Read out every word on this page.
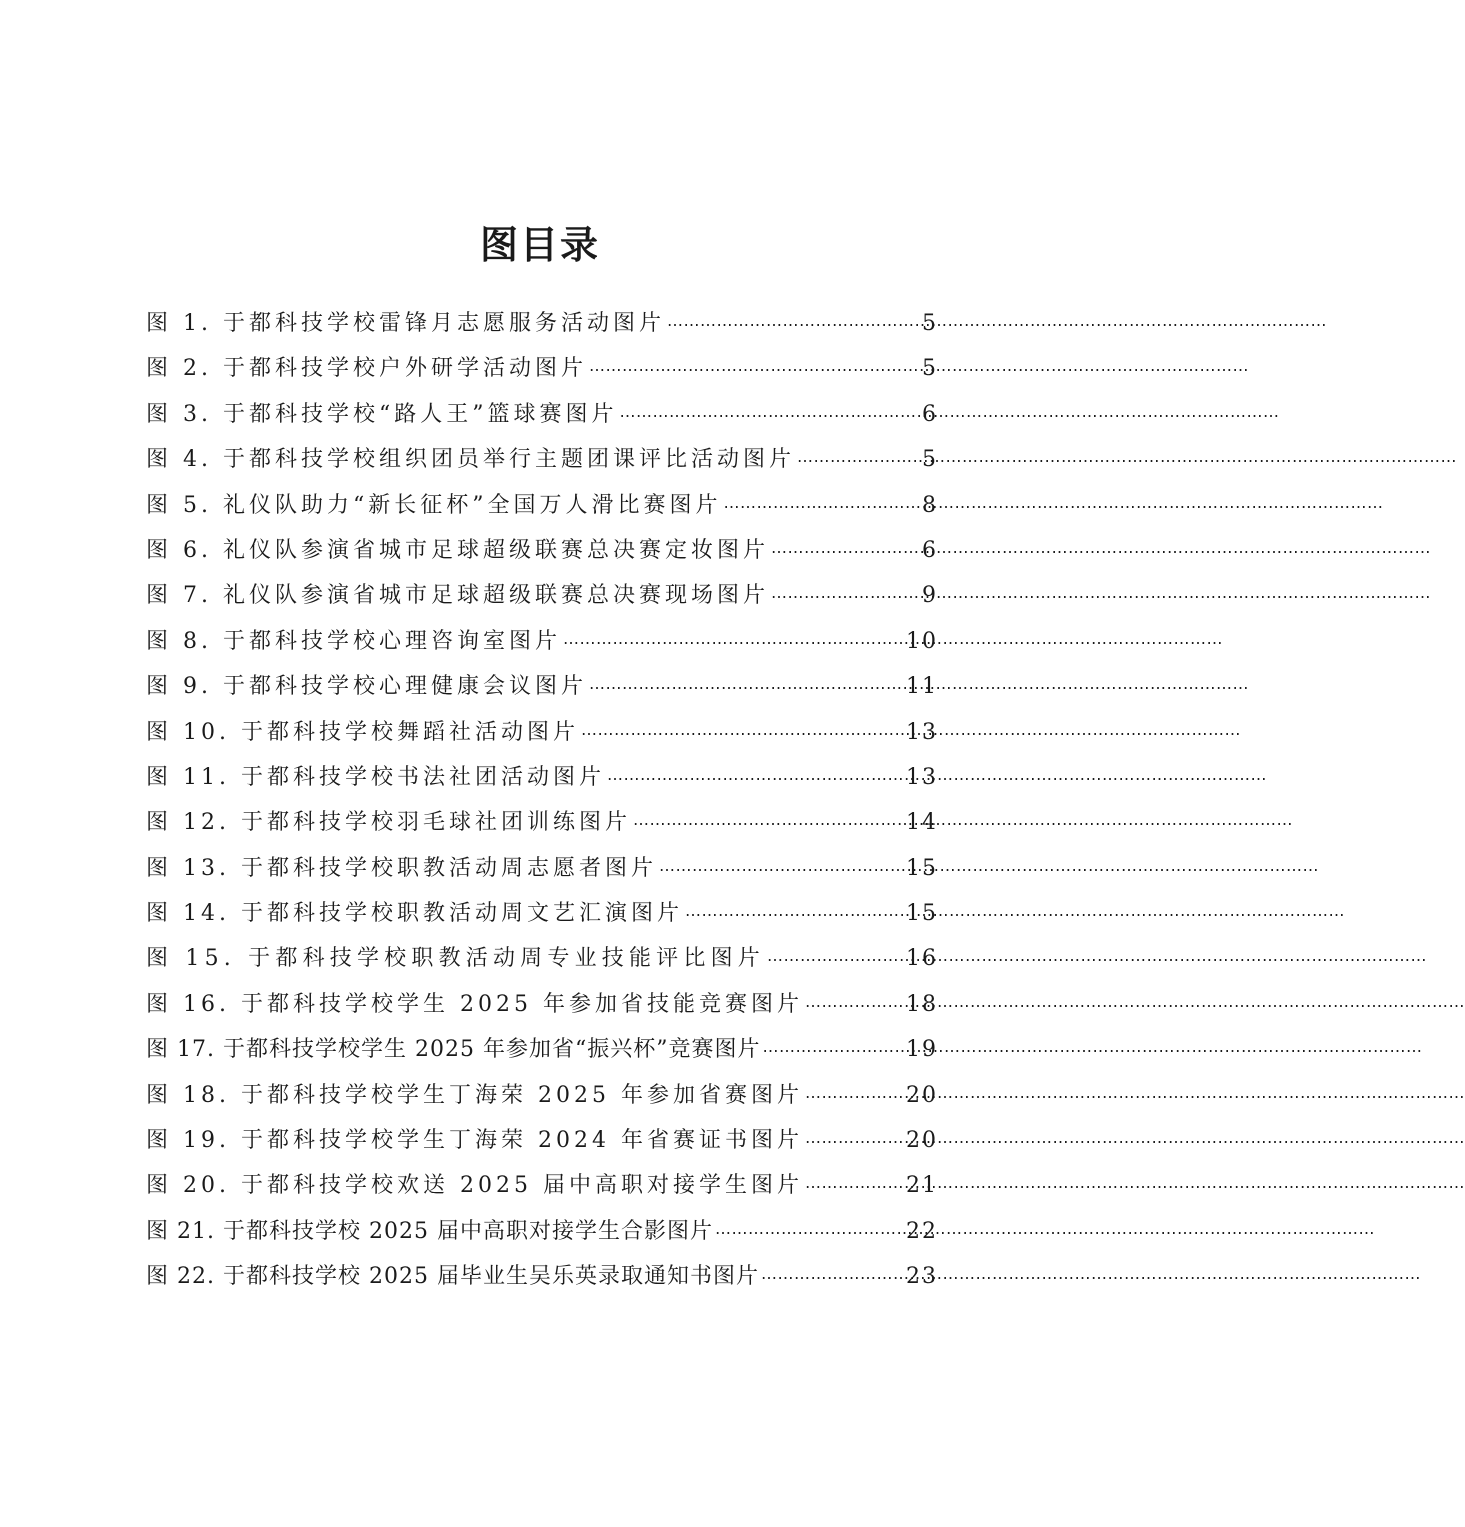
图目录
图 1. 于都科技学校雷锋月志愿服务活动图片 ⋯⋯⋯⋯⋯⋯⋯⋯⋯⋯⋯⋯⋯⋯⋯⋯⋯⋯⋯⋯⋯⋯⋯⋯⋯⋯⋯⋯⋯⋯⋯⋯⋯⋯⋯⋯⋯⋯⋯⋯	5
图 2. 于都科技学校户外研学活动图片 ⋯⋯⋯⋯⋯⋯⋯⋯⋯⋯⋯⋯⋯⋯⋯⋯⋯⋯⋯⋯⋯⋯⋯⋯⋯⋯⋯⋯⋯⋯⋯⋯⋯⋯⋯⋯⋯⋯⋯⋯	5
图 3. 于都科技学校“路人王”篮球赛图片 ⋯⋯⋯⋯⋯⋯⋯⋯⋯⋯⋯⋯⋯⋯⋯⋯⋯⋯⋯⋯⋯⋯⋯⋯⋯⋯⋯⋯⋯⋯⋯⋯⋯⋯⋯⋯⋯⋯⋯⋯	6
图 4. 于都科技学校组织团员举行主题团课评比活动图片 ⋯⋯⋯⋯⋯⋯⋯⋯⋯⋯⋯⋯⋯⋯⋯⋯⋯⋯⋯⋯⋯⋯⋯⋯⋯⋯⋯⋯⋯⋯⋯⋯⋯⋯⋯⋯⋯⋯⋯⋯	5
图 5. 礼仪队助力“新长征杯”全国万人滑比赛图片 ⋯⋯⋯⋯⋯⋯⋯⋯⋯⋯⋯⋯⋯⋯⋯⋯⋯⋯⋯⋯⋯⋯⋯⋯⋯⋯⋯⋯⋯⋯⋯⋯⋯⋯⋯⋯⋯⋯⋯⋯	8
图 6. 礼仪队参演省城市足球超级联赛总决赛定妆图片 ⋯⋯⋯⋯⋯⋯⋯⋯⋯⋯⋯⋯⋯⋯⋯⋯⋯⋯⋯⋯⋯⋯⋯⋯⋯⋯⋯⋯⋯⋯⋯⋯⋯⋯⋯⋯⋯⋯⋯⋯	6
图 7. 礼仪队参演省城市足球超级联赛总决赛现场图片 ⋯⋯⋯⋯⋯⋯⋯⋯⋯⋯⋯⋯⋯⋯⋯⋯⋯⋯⋯⋯⋯⋯⋯⋯⋯⋯⋯⋯⋯⋯⋯⋯⋯⋯⋯⋯⋯⋯⋯⋯	9
图 8. 于都科技学校心理咨询室图片 ⋯⋯⋯⋯⋯⋯⋯⋯⋯⋯⋯⋯⋯⋯⋯⋯⋯⋯⋯⋯⋯⋯⋯⋯⋯⋯⋯⋯⋯⋯⋯⋯⋯⋯⋯⋯⋯⋯⋯⋯	10
图 9. 于都科技学校心理健康会议图片 ⋯⋯⋯⋯⋯⋯⋯⋯⋯⋯⋯⋯⋯⋯⋯⋯⋯⋯⋯⋯⋯⋯⋯⋯⋯⋯⋯⋯⋯⋯⋯⋯⋯⋯⋯⋯⋯⋯⋯⋯	11
图 10. 于都科技学校舞蹈社活动图片 ⋯⋯⋯⋯⋯⋯⋯⋯⋯⋯⋯⋯⋯⋯⋯⋯⋯⋯⋯⋯⋯⋯⋯⋯⋯⋯⋯⋯⋯⋯⋯⋯⋯⋯⋯⋯⋯⋯⋯⋯	13
图 11. 于都科技学校书法社团活动图片 ⋯⋯⋯⋯⋯⋯⋯⋯⋯⋯⋯⋯⋯⋯⋯⋯⋯⋯⋯⋯⋯⋯⋯⋯⋯⋯⋯⋯⋯⋯⋯⋯⋯⋯⋯⋯⋯⋯⋯⋯	13
图 12. 于都科技学校羽毛球社团训练图片 ⋯⋯⋯⋯⋯⋯⋯⋯⋯⋯⋯⋯⋯⋯⋯⋯⋯⋯⋯⋯⋯⋯⋯⋯⋯⋯⋯⋯⋯⋯⋯⋯⋯⋯⋯⋯⋯⋯⋯⋯	14
图 13. 于都科技学校职教活动周志愿者图片 ⋯⋯⋯⋯⋯⋯⋯⋯⋯⋯⋯⋯⋯⋯⋯⋯⋯⋯⋯⋯⋯⋯⋯⋯⋯⋯⋯⋯⋯⋯⋯⋯⋯⋯⋯⋯⋯⋯⋯⋯	15
图 14. 于都科技学校职教活动周文艺汇演图片 ⋯⋯⋯⋯⋯⋯⋯⋯⋯⋯⋯⋯⋯⋯⋯⋯⋯⋯⋯⋯⋯⋯⋯⋯⋯⋯⋯⋯⋯⋯⋯⋯⋯⋯⋯⋯⋯⋯⋯⋯	15
图 15. 于都科技学校职教活动周专业技能评比图片 ⋯⋯⋯⋯⋯⋯⋯⋯⋯⋯⋯⋯⋯⋯⋯⋯⋯⋯⋯⋯⋯⋯⋯⋯⋯⋯⋯⋯⋯⋯⋯⋯⋯⋯⋯⋯⋯⋯⋯⋯	16
图 16. 于都科技学校学生 2025 年参加省技能竞赛图片 ⋯⋯⋯⋯⋯⋯⋯⋯⋯⋯⋯⋯⋯⋯⋯⋯⋯⋯⋯⋯⋯⋯⋯⋯⋯⋯⋯⋯⋯⋯⋯⋯⋯⋯⋯⋯⋯⋯⋯⋯	18
图 17. 于都科技学校学生 2025 年参加省“振兴杯”竞赛图片 ⋯⋯⋯⋯⋯⋯⋯⋯⋯⋯⋯⋯⋯⋯⋯⋯⋯⋯⋯⋯⋯⋯⋯⋯⋯⋯⋯⋯⋯⋯⋯⋯⋯⋯⋯⋯⋯⋯⋯⋯	19
图 18. 于都科技学校学生丁海荣 2025 年参加省赛图片 ⋯⋯⋯⋯⋯⋯⋯⋯⋯⋯⋯⋯⋯⋯⋯⋯⋯⋯⋯⋯⋯⋯⋯⋯⋯⋯⋯⋯⋯⋯⋯⋯⋯⋯⋯⋯⋯⋯⋯⋯	20
图 19. 于都科技学校学生丁海荣 2024 年省赛证书图片 ⋯⋯⋯⋯⋯⋯⋯⋯⋯⋯⋯⋯⋯⋯⋯⋯⋯⋯⋯⋯⋯⋯⋯⋯⋯⋯⋯⋯⋯⋯⋯⋯⋯⋯⋯⋯⋯⋯⋯⋯	20
图 20. 于都科技学校欢送 2025 届中高职对接学生图片 ⋯⋯⋯⋯⋯⋯⋯⋯⋯⋯⋯⋯⋯⋯⋯⋯⋯⋯⋯⋯⋯⋯⋯⋯⋯⋯⋯⋯⋯⋯⋯⋯⋯⋯⋯⋯⋯⋯⋯⋯	21
图 21. 于都科技学校 2025 届中高职对接学生合影图片 ⋯⋯⋯⋯⋯⋯⋯⋯⋯⋯⋯⋯⋯⋯⋯⋯⋯⋯⋯⋯⋯⋯⋯⋯⋯⋯⋯⋯⋯⋯⋯⋯⋯⋯⋯⋯⋯⋯⋯⋯	22
图 22. 于都科技学校 2025 届毕业生吴乐英录取通知书图片 ⋯⋯⋯⋯⋯⋯⋯⋯⋯⋯⋯⋯⋯⋯⋯⋯⋯⋯⋯⋯⋯⋯⋯⋯⋯⋯⋯⋯⋯⋯⋯⋯⋯⋯⋯⋯⋯⋯⋯⋯	23
